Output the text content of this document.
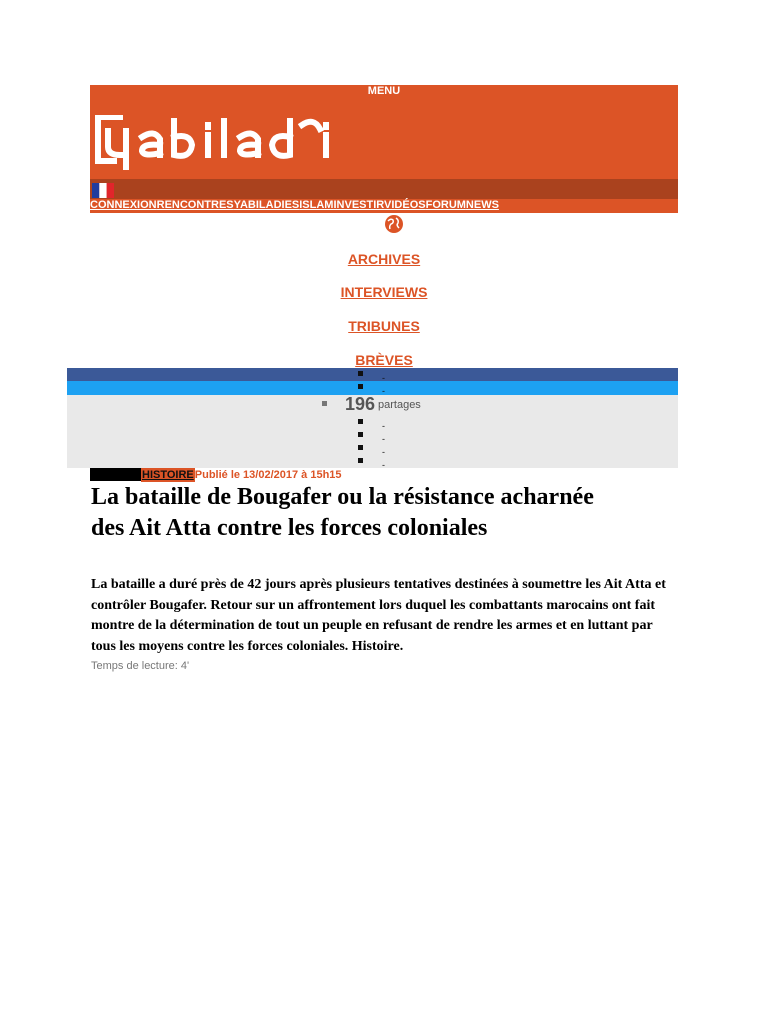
MENU
CONNEXIONRENCONTRESYABILADIESISLAMINVESTIRVIDÉOSFORUMNEWS
ARCHIVES
INTERVIEWS
TRIBUNES
BRÈVES
-
-
196 partages
-
-
-
-
HISTOIREPublié le 13/02/2017 à 15h15
La bataille de Bougafer ou la résistance acharnée des Ait Atta contre les forces coloniales

La bataille a duré près de 42 jours après plusieurs tentatives destinées à soumettre les Ait Atta et contrôler Bougafer. Retour sur un affrontement lors duquel les combattants marocains ont fait montre de la détermination de tout un peuple en refusant de rendre les armes et en luttant par tous les moyens contre les forces coloniales. Histoire.

Temps de lecture: 4'
